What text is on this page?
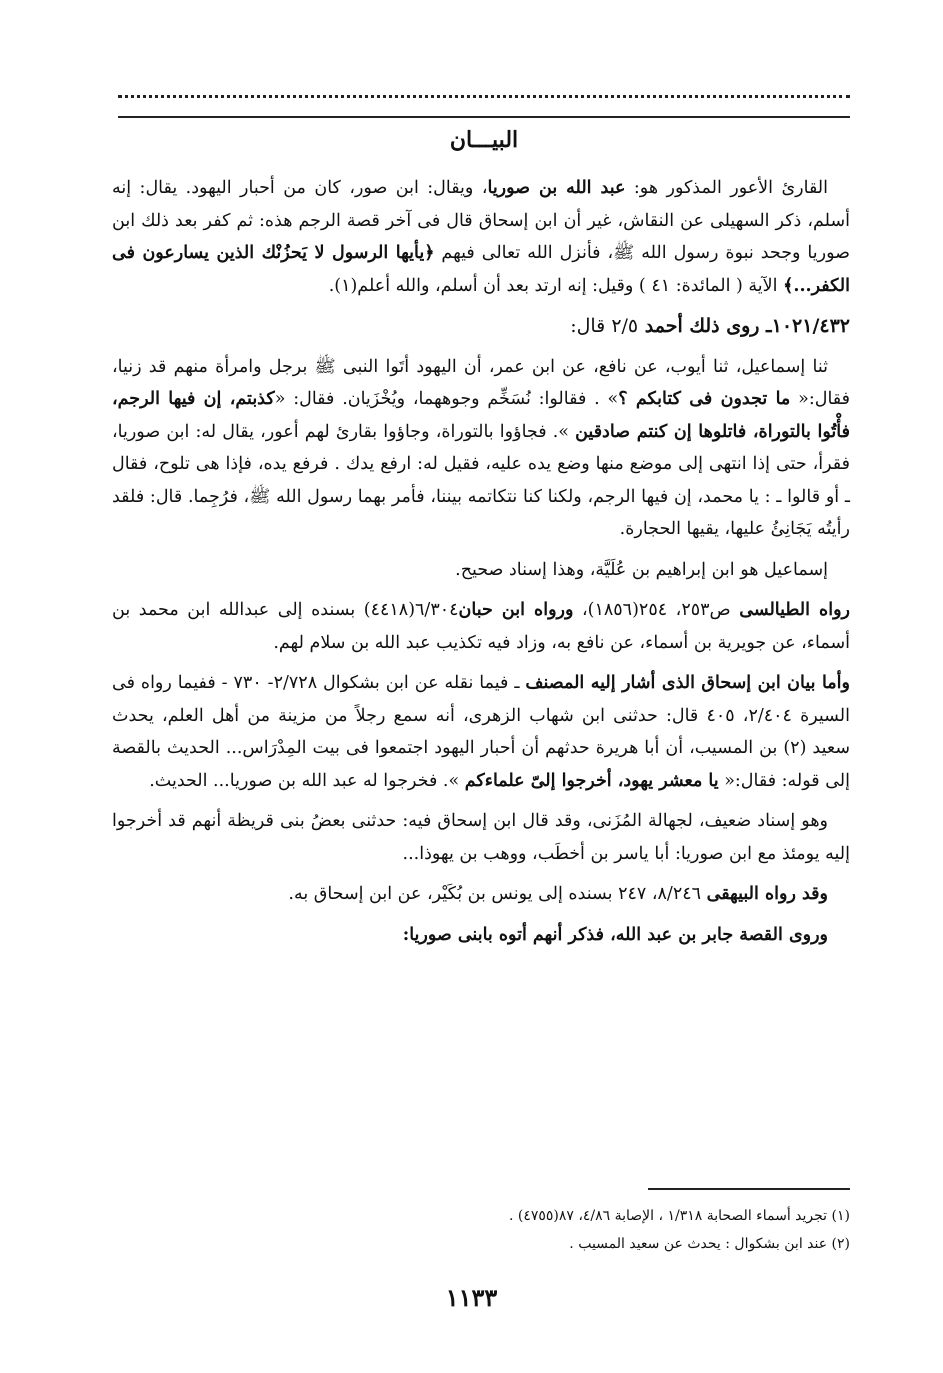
البيـــان

القارئ الأعور المذكور هو: عبد الله بن صوريا، ويقال: ابن صور، كان من أحبار اليهود. يقال: إنه أسلم، ذكر السهيلى عن النقاش، غير أن ابن إسحاق قال فى آخر قصة الرجم هذه: ثم كفر بعد ذلك ابن صوريا وجحد نبوة رسول الله ﷺ، فأنزل الله تعالى فيهم ﴿يأيها الرسول لا يَحزُنْك الذين يسارعون فى الكفر...﴾ الآية ( المائدة: ٤١ ) وقيل: إنه ارتد بعد أن أسلم، والله أعلم(١).

١٠٢١/٤٣٢ـ روى ذلك أحمد ٢/٥ قال:

ثنا إسماعيل، ثنا أيوب، عن نافع، عن ابن عمر، أن اليهود أتَوا النبى ﷺ برجل وامرأة منهم قد زنيا، فقال:« ما تجدون فى كتابكم ؟» . فقالوا: نُسَخِّم وجوههما، ويُخْزَيان. فقال: «كذبتم، إن فيها الرجم، فأْتُوا بالتوراة، فاتلوها إن كنتم صادقين ». فجاؤوا بالتوراة، وجاؤوا بقارئ لهم أعور، يقال له: ابن صوريا، فقرأ، حتى إذا انتهى إلى موضع منها وضع يده عليه، فقيل له: ارفع يدك . فرفع يده، فإذا هى تلوح، فقال ـ أو قالوا ـ : يا محمد، إن فيها الرجم، ولكنا كنا نتكاتمه بيننا، فأمر بهما رسول الله ﷺ، فرُجِما. قال: فلقد رأيتُه يَجَانِئُ عليها، يقيها الحجارة.

إسماعيل هو ابن إبراهيم بن عُلَيَّة، وهذا إسناد صحيح.

رواه الطيالسى ص٢٥٣، ٢٥٤(١٨٥٦)، ورواه ابن حبان٦/٣٠٤(٤٤١٨) بسنده إلى عبدالله ابن محمد بن أسماء، عن جويرية بن أسماء، عن نافع به، وزاد فيه تكذيب عبد الله بن سلام لهم.

وأما بيان ابن إسحاق الذى أشار إليه المصنف ـ فيما نقله عن ابن بشكوال ٢/٧٢٨- ٧٣٠ - ففيما رواه فى السيرة ٢/٤٠٤، ٤٠٥ قال: حدثنى ابن شهاب الزهرى، أنه سمع رجلاً من مزينة من أهل العلم، يحدث سعيد (٢) بن المسيب، أن أبا هريرة حدثهم أن أحبار اليهود اجتمعوا فى بيت المِدْرَاس... الحديث بالقصة إلى قوله: فقال:« يا معشر يهود، أخرجوا إلىّ علماءكم ». فخرجوا له عبد الله بن صوريا... الحديث.

وهو إسناد ضعيف، لجهالة المُزَنى، وقد قال ابن إسحاق فيه: حدثنى بعضُ بنى قريظة أنهم قد أخرجوا إليه يومئذ مع ابن صوريا: أبا ياسر بن أخطَب، ووهب بن يهوذا...

وقد رواه البيهقى ٨/٢٤٦، ٢٤٧ بسنده إلى يونس بن بُكَيْر، عن ابن إسحاق به.

وروى القصة جابر بن عبد الله، فذكر أنهم أتوه بابنى صوريا:

(١) تجريد أسماء الصحابة ١/٣١٨ ، الإصابة ٤/٨٦، ٨٧(٤٧٥٥) .
(٢) عند ابن بشكوال : يحدث عن سعيد المسيب .
١١٣٣
